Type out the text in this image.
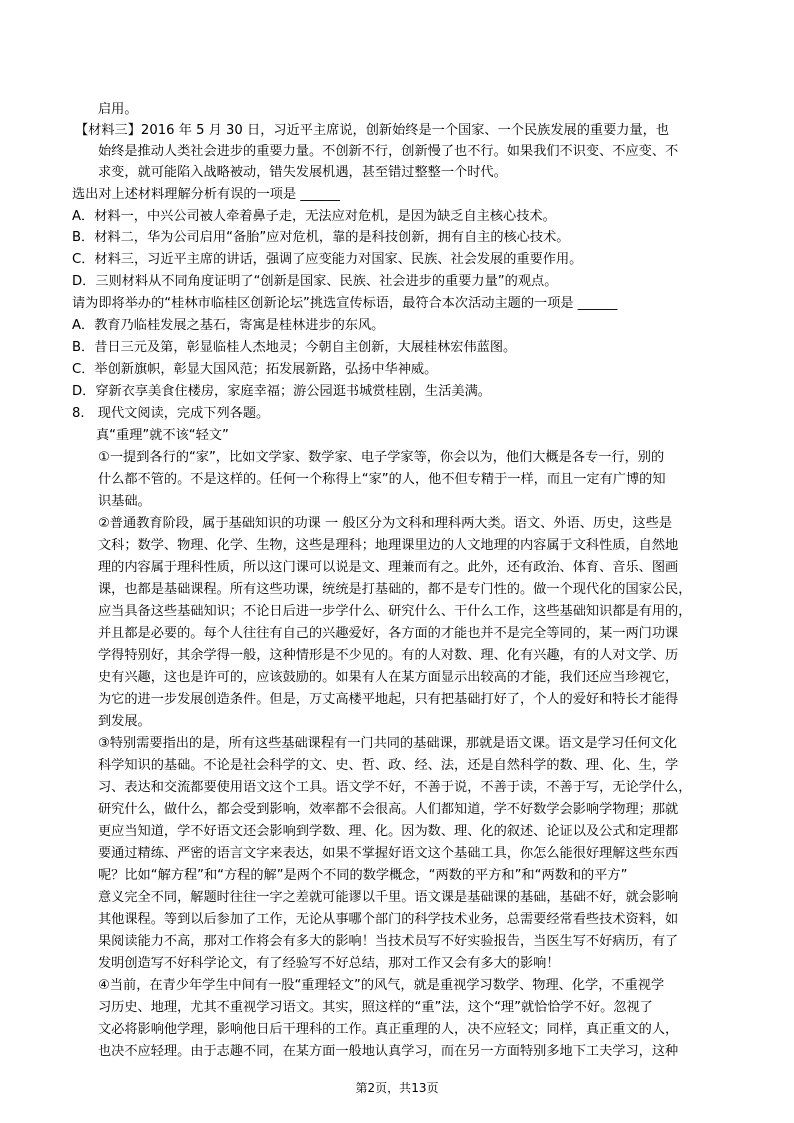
启用。
【材料三】2016 年 5 月 30 日，习近平主席说，创新始终是一个国家、一个民族发展的重要力量，也
始终是推动人类社会进步的重要力量。不创新不行，创新慢了也不行。如果我们不识变、不应变、不
求变，就可能陷入战略被动，错失发展机遇，甚至错过整整一个时代。
选出对上述材料理解分析有误的一项是 ______
A．材料一，中兴公司被人牵着鼻子走，无法应对危机，是因为缺乏自主核心技术。
B．材料二，华为公司启用“备胎”应对危机，靠的是科技创新，拥有自主的核心技术。
C．材料三，习近平主席的讲话，强调了应变能力对国家、民族、社会发展的重要作用。
D．三则材料从不同角度证明了“创新是国家、民族、社会进步的重要力量”的观点。
请为即将举办的“桂林市临桂区创新论坛”挑选宣传标语，最符合本次活动主题的一项是 ______
A．教育乃临桂发展之基石，寄寓是桂林进步的东风。
B．昔日三元及第，彰显临桂人杰地灵；今朝自主创新，大展桂林宏伟蓝图。
C．举创新旗帜，彰显大国风范；拓发展新路，弘扬中华神威。
D．穿新衣享美食住楼房，家庭幸福；游公园逛书城赏桂剧，生活美满。
8.　现代文阅读，完成下列各题。
真“重理”就不该“轻文”
①一提到各行的“家”，比如文学家、数学家、电子学家等，你会以为，他们大概是各专一行，别的
什么都不管的。不是这样的。任何一个称得上“家”的人，他不但专精于一样，而且一定有广博的知
识基础。
②普通教育阶段，属于基础知识的功课 一 般区分为文科和理科两大类。语文、外语、历史，这些是
文科；数学、物理、化学、生物，这些是理科；地理课里边的人文地理的内容属于文科性质，自然地
理的内容属于理科性质，所以这门课可以说是文、理兼而有之。此外，还有政治、体育、音乐、图画
课，也都是基础课程。所有这些功课，统统是打基础的，都不是专门性的。做一个现代化的国家公民，
应当具备这些基础知识；不论日后进一步学什么、研究什么、干什么工作，这些基础知识都是有用的，
并且都是必要的。每个人往往有自己的兴趣爱好，各方面的才能也并不是完全等同的，某一两门功课
学得特别好，其余学得一般，这种情形是不少见的。有的人对数、理、化有兴趣，有的人对文学、历
史有兴趣，这也是许可的，应该鼓励的。如果有人在某方面显示出较高的才能，我们还应当珍视它，
为它的进一步发展创造条件。但是，万丈高楼平地起，只有把基础打好了，个人的爱好和特长才能得
到发展。
③特别需要指出的是，所有这些基础课程有一门共同的基础课，那就是语文课。语文是学习任何文化
科学知识的基础。不论是社会科学的文、史、哲、政、经、法，还是自然科学的数、理、化、生，学
习、表达和交流都要使用语文这个工具。语文学不好，不善于说，不善于读，不善于写，无论学什么，
研究什么，做什么，都会受到影响，效率都不会很高。人们都知道，学不好数学会影响学物理；那就
更应当知道，学不好语文还会影响到学数、理、化。因为数、理、化的叙述、论证以及公式和定理都
要通过精练、严密的语言文字来表达，如果不掌握好语文这个基础工具，你怎么能很好理解这些东西
呢？比如“解方程”和“方程的解”是两个不同的数学概念，“两数的平方和”和“两数和的平方”
意义完全不同，解题时往往一字之差就可能谬以千里。语文课是基础课的基础，基础不好，就会影响
其他课程。等到以后参加了工作，无论从事哪个部门的科学技术业务，总需要经常看些技术资料，如
果阅读能力不高，那对工作将会有多大的影响！当技术员写不好实验报告，当医生写不好病历，有了
发明创造写不好科学论文，有了经验写不好总结，那对工作又会有多大的影响！
④当前，在青少年学生中间有一股“重理轻文”的风气，就是重视学习数学、物理、化学，不重视学
习历史、地理，尤其不重视学习语文。其实，照这样的“重”法，这个“理”就恰恰学不好。忽视了
文必将影响他学理，影响他日后干理科的工作。真正重理的人，决不应轻文；同样，真正重文的人，
也决不应轻理。由于志趣不同，在某方面一般地认真学习，而在另一方面特别多地下工夫学习，这种
第2页，共13页
